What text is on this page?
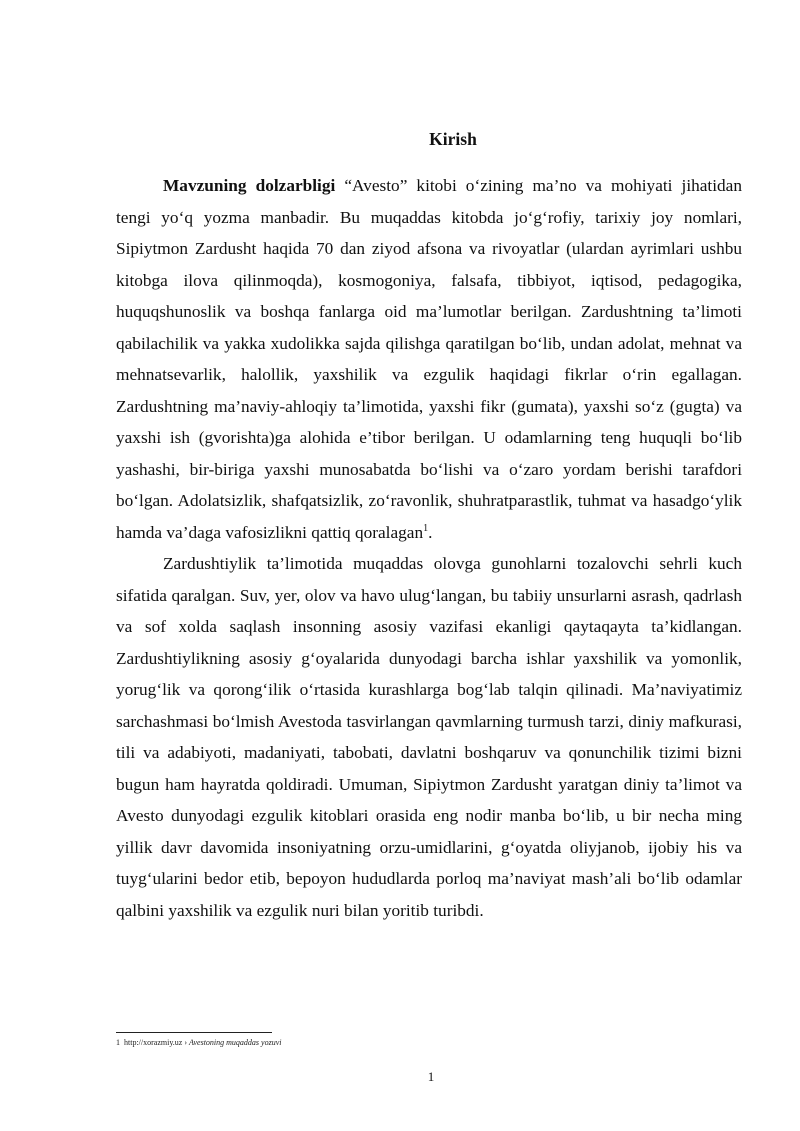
Kirish

Mavzuning dolzarbligi “Avesto” kitobi o‘zining ma’no va mohiyati jihatidan tengi yo‘q yozma manbadir. Bu muqaddas kitobda jo‘g‘rofiy, tarixiy joy nomlari, Sipiytmon Zardusht haqida 70 dan ziyod afsona va rivoyatlar (ulardan ayrimlari ushbu kitobga ilova qilinmoqda), kosmogoniya, falsafa, tibbiyot, iqtisod, pedagogika, huquqshunoslik va boshqa fanlarga oid ma’lumotlar berilgan. Zardushtning ta’limoti qabilachilik va yakka xudolikka sajda qilishga qaratilgan bo‘lib, undan adolat, mehnat va mehnatsevarlik, halollik, yaxshilik va ezgulik haqidagi fikrlar o‘rin egallagan. Zardushtning ma’naviy-ahloqiy ta’limotida, yaxshi fikr (gumata), yaxshi so‘z (gugta) va yaxshi ish (gvorishta)ga alohida e’tibor berilgan. U odamlarning teng huquqli bo‘lib yashashi, bir-biriga yaxshi munosabatda bo‘lishi va o‘zaro yordam berishi tarafdori bo‘lgan. Adolatsizlik, shafqatsizlik, zo‘ravonlik, shuhratparastlik, tuhmat va hasadgo‘ylik hamda va’daga vafosizlikni qattiq qoralagan$^1$.

Zardushtiylik ta’limotida muqaddas olovga gunohlarni tozalovchi sehrli kuch sifatida qaralgan. Suv, yer, olov va havo ulug‘langan, bu tabiiy unsurlarni asrash, qadrlash va sof xolda saqlash insonning asosiy vazifasi ekanligi qaytaqayta ta’kidlangan. Zardushtiylikning asosiy g‘oyalarida dunyodagi barcha ishlar yaxshilik va yomonlik, yorug‘lik va qorong‘ilik o‘rtasida kurashlarga bog‘lab talqin qilinadi. Ma’naviyatimiz sarchashmasi bo‘lmish Avestoda tasvirlangan qavmlarning turmush tarzi, diniy mafkurasi, tili va adabiyoti, madaniyati, tabobati, davlatni boshqaruv va qonunchilik tizimi bizni bugun ham hayratda qoldiradi. Umuman, Sipiytmon Zardusht yaratgan diniy ta’limot va Avesto dunyodagi ezgulik kitoblari orasida eng nodir manba bo‘lib, u bir necha ming yillik davr davomida insoniyatning orzu-umidlarini, g‘oyatda oliyjanob, ijobiy his va tuyg‘ularini bedor etib, bepoyon hududlarda porloq ma’naviyat mash’ali bo‘lib odamlar qalbini yaxshilik va ezgulik nuri bilan yoritib turibdi.

1 http://xorazmiy.uz › Avestoning muqaddas yozuvi
1
